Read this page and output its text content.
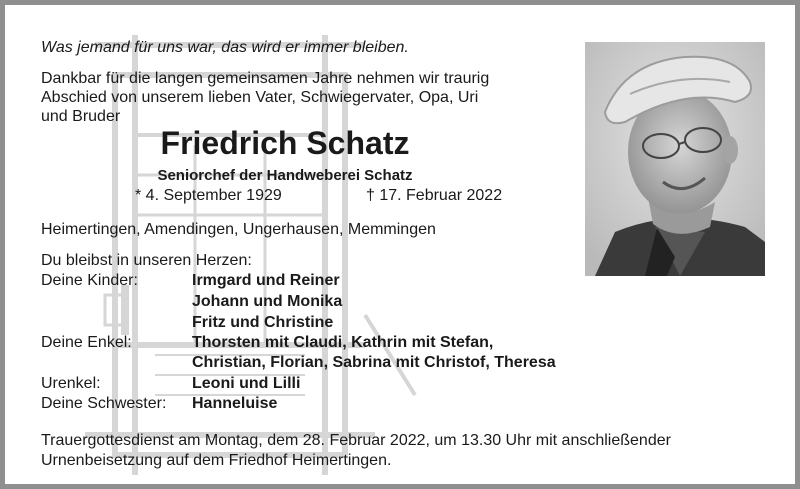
Was jemand für uns war, das wird er immer bleiben.
Dankbar für die langen gemeinsamen Jahre nehmen wir traurig
Abschied von unserem lieben Vater, Schwiegervater, Opa, Uri
und Bruder
Friedrich Schatz
Seniorchef der Handweberei Schatz
* 4. September 1929	† 17. Februar 2022
Heimertingen, Amendingen, Ungerhausen, Memmingen
Du bleibst in unseren Herzen:
Deine Kinder:	Irmgard und Reiner
Johann und Monika
Fritz und Christine
Deine Enkel:	Thorsten mit Claudi, Kathrin mit Stefan,
Christian, Florian, Sabrina mit Christof, Theresa
Urenkel:	Leoni und Lilli
Deine Schwester: Hanneluise
Trauergottesdienst am Montag, dem 28. Februar 2022, um 13.30 Uhr mit anschließender
Urnenbeisetzung auf dem Friedhof Heimertingen.
